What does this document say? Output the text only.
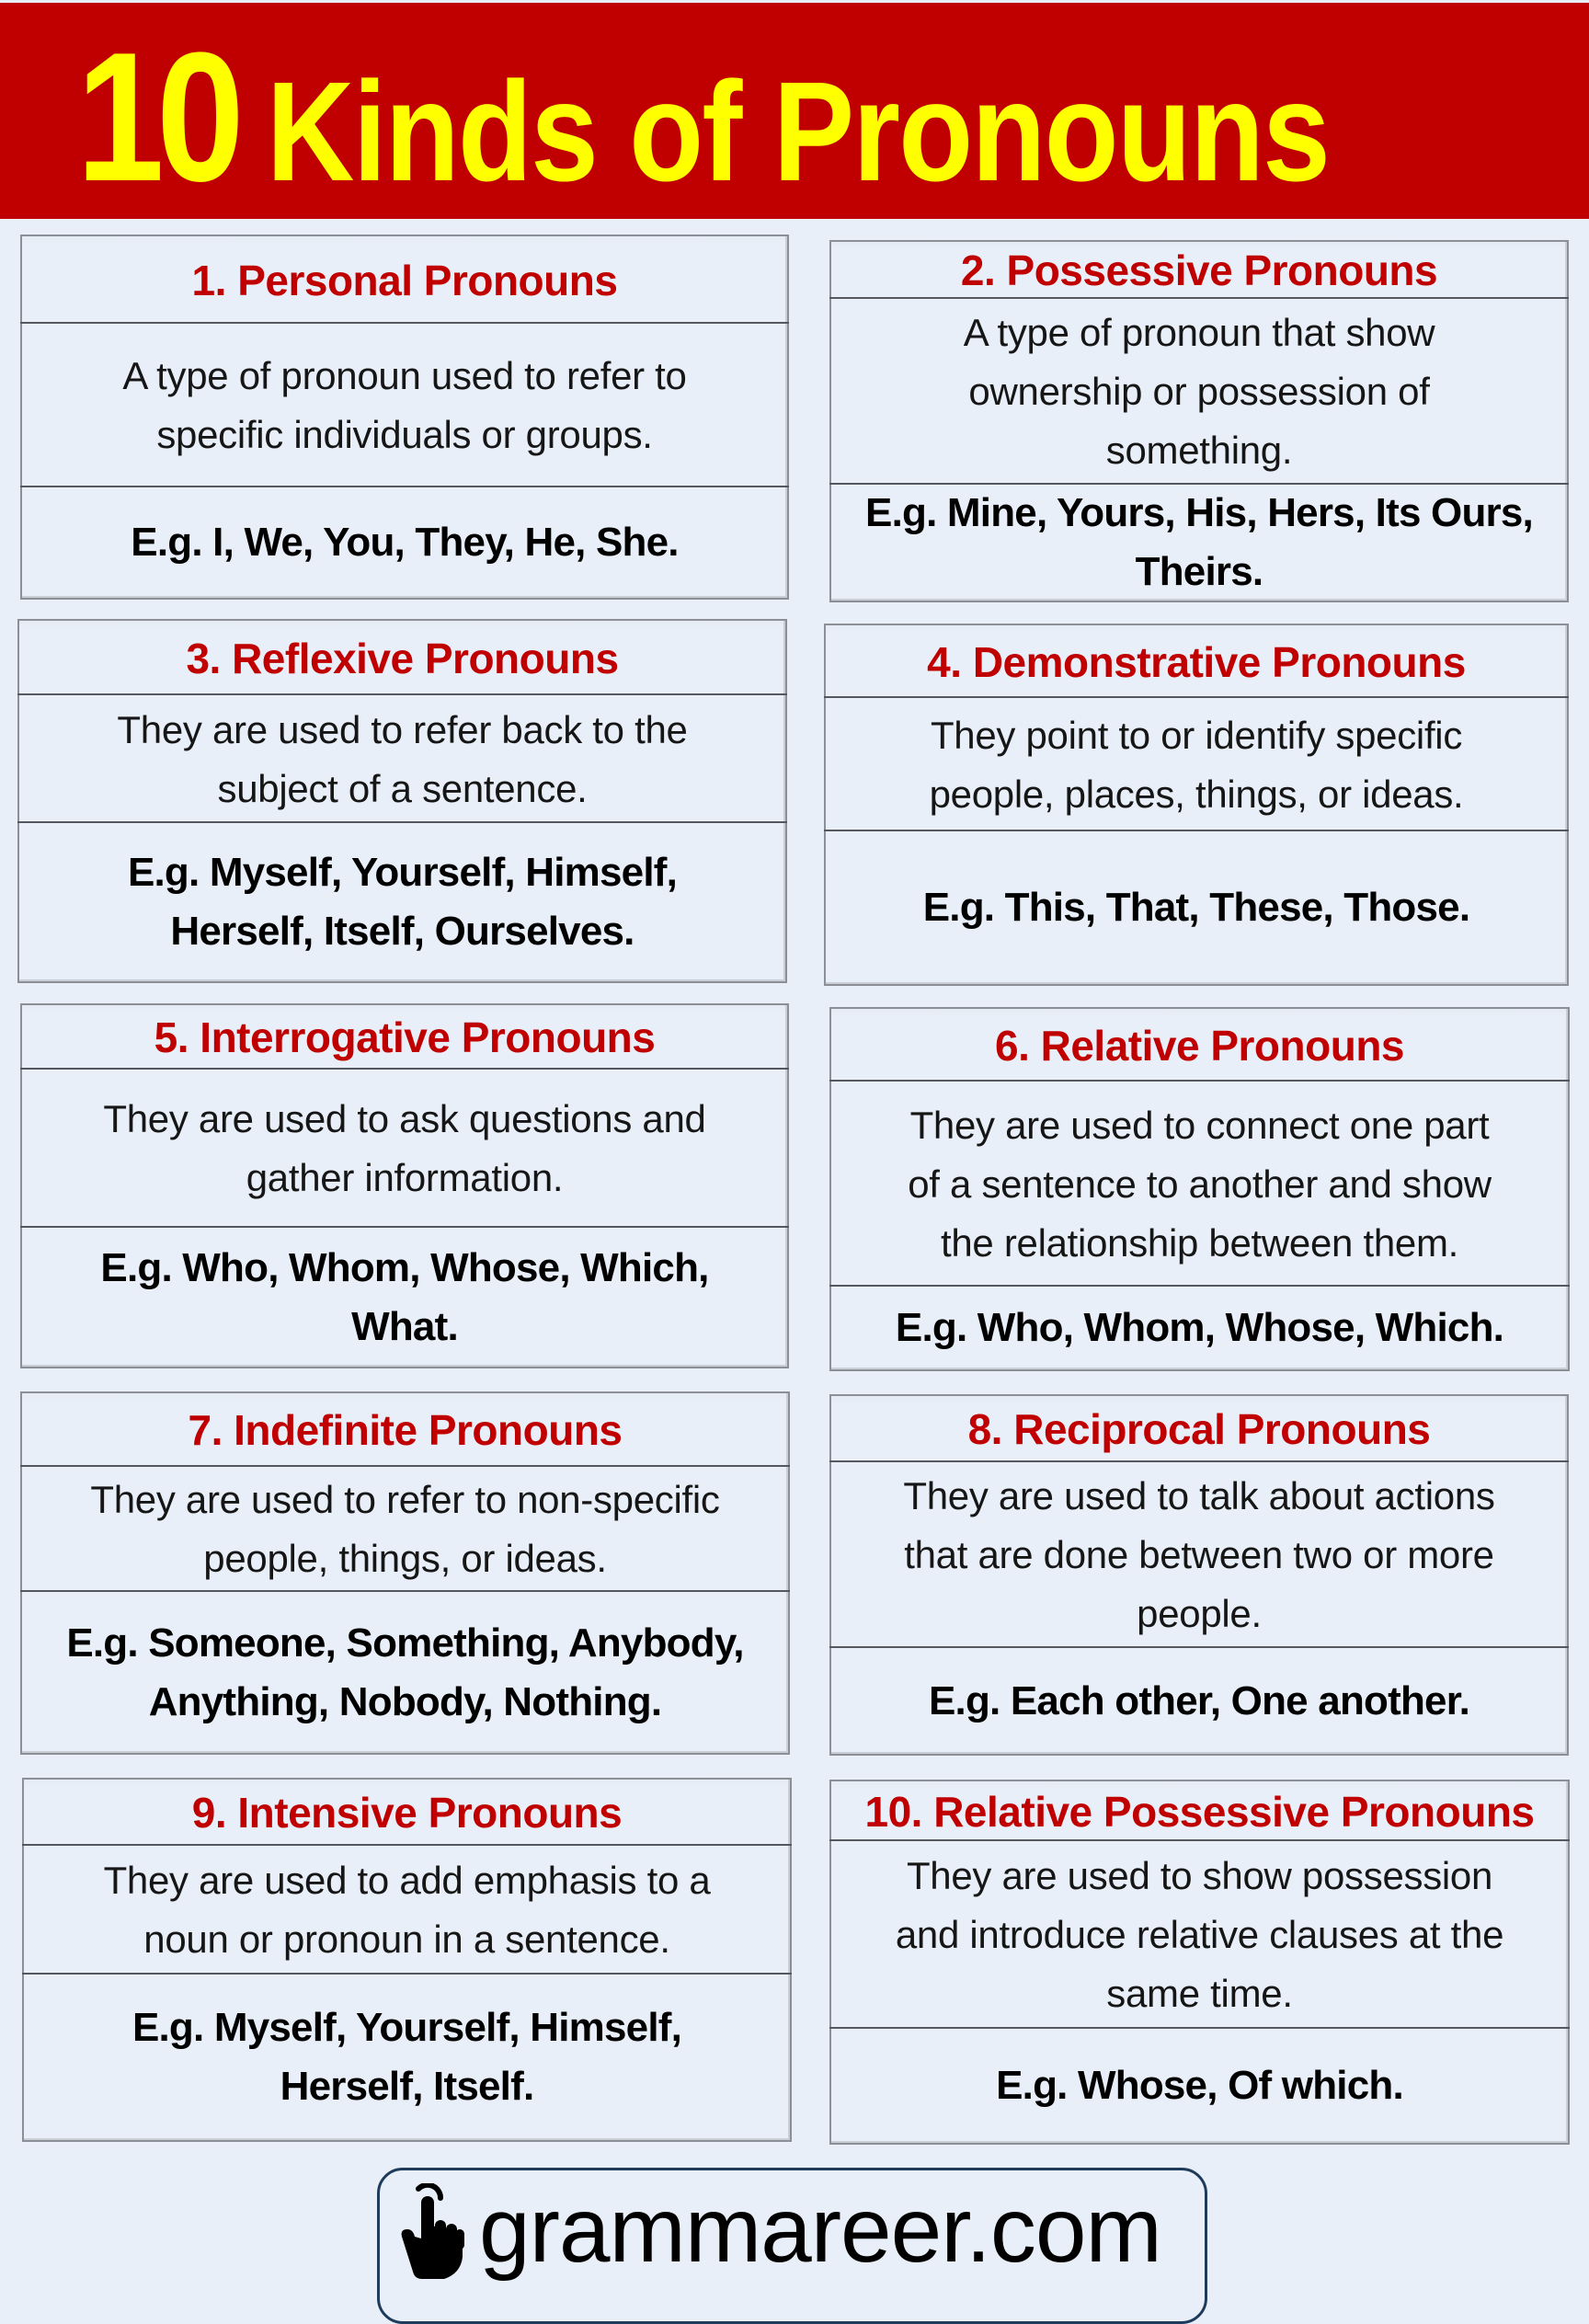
10 Kinds of Pronouns
1. Personal Pronouns
A type of pronoun used to refer to
specific individuals or groups.
E.g. I, We, You, They, He, She.
2. Possessive Pronouns
A type of pronoun that show
ownership or possession of
something.
E.g. Mine, Yours, His, Hers, Its Ours,
Theirs.
3. Reflexive Pronouns
They are used to refer back to the
subject of a sentence.
E.g. Myself, Yourself, Himself,
Herself, Itself, Ourselves.
4. Demonstrative Pronouns
They point to or identify specific
people, places, things, or ideas.
E.g. This, That, These, Those.
5. Interrogative Pronouns
They are used to ask questions and
gather information.
E.g. Who, Whom, Whose, Which,
What.
6. Relative Pronouns
They are used to connect one part
of a sentence to another and show
the relationship between them.
E.g. Who, Whom, Whose, Which.
7. Indefinite Pronouns
They are used to refer to non-specific
people, things, or ideas.
E.g. Someone, Something, Anybody,
Anything, Nobody, Nothing.
8. Reciprocal Pronouns
They are used to talk about actions
that are done between two or more
people.
E.g. Each other, One another.
9. Intensive Pronouns
They are used to add emphasis to a
noun or pronoun in a sentence.
E.g. Myself, Yourself, Himself,
Herself, Itself.
10. Relative Possessive Pronouns
They are used to show possession
and introduce relative clauses at the
same time.
E.g. Whose, Of which.
grammareer.com
